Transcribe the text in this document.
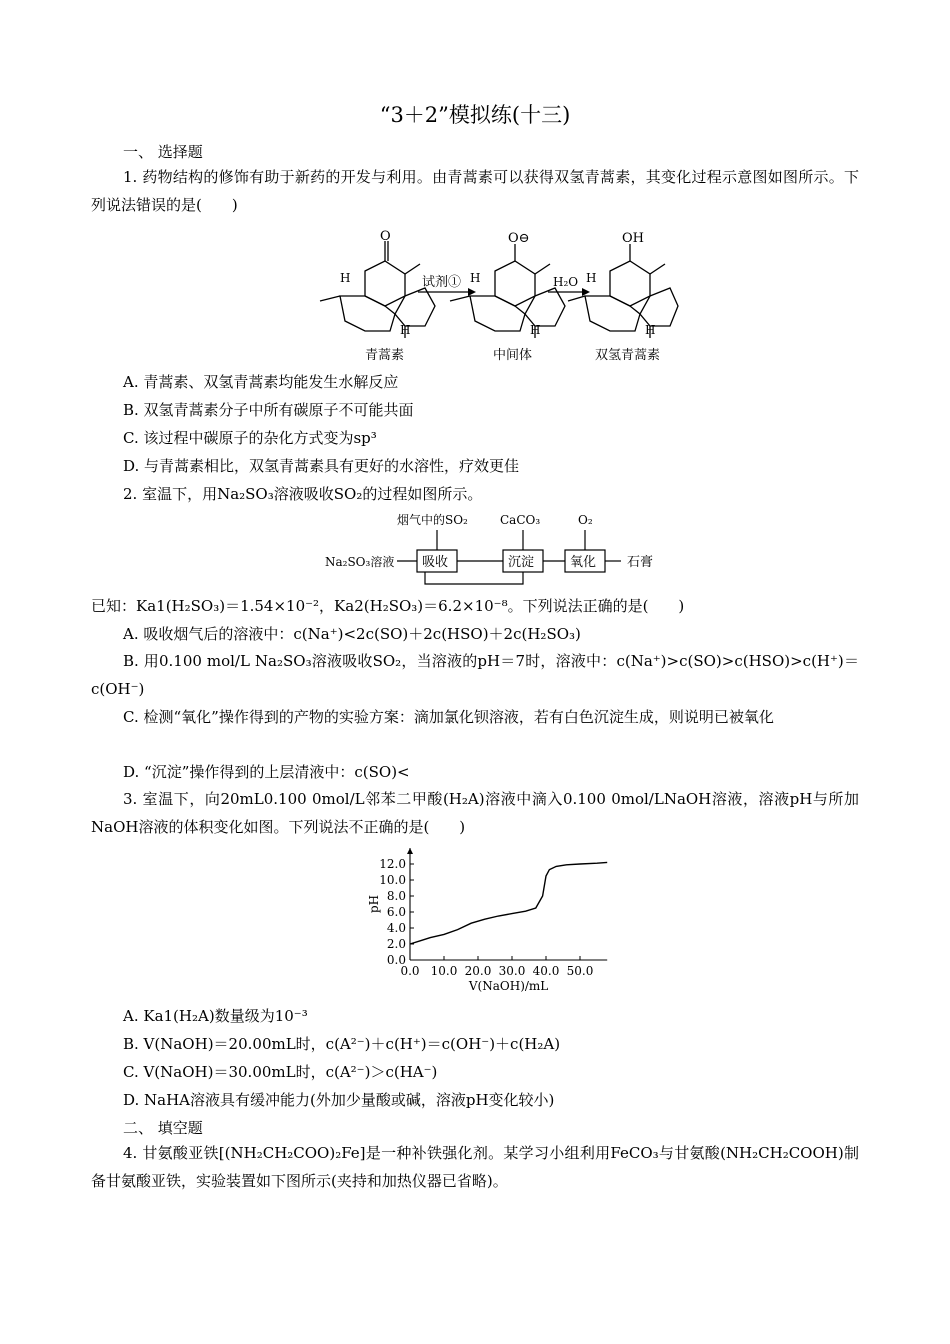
“3＋2”模拟练(十三)
一、 选择题
1. 药物结构的修饰有助于新药的开发与利用。由青蒿素可以获得双氢青蒿素，其变化过程示意图如图所示。下列说法错误的是(　　)
O	O⊖	OH
H
H
H
H
H
H
试剂①	H₂O
青蒿素	中间体	双氢青蒿素
A. 青蒿素、双氢青蒿素均能发生水解反应
B. 双氢青蒿素分子中所有碳原子不可能共面
C. 该过程中碳原子的杂化方式变为sp³
D. 与青蒿素相比，双氢青蒿素具有更好的水溶性，疗效更佳
2. 室温下，用Na₂SO₃溶液吸收SO₂的过程如图所示。
Na₂SO₃溶液 吸收	沉淀	氧化 石膏
烟气中的SO₂	CaCO₃	O₂
已知：Ka1(H₂SO₃)＝1.54×10⁻²，Ka2(H₂SO₃)＝6.2×10⁻⁸。下列说法正确的是(　　)
A. 吸收烟气后的溶液中：c(Na⁺)<2c(SO)＋2c(HSO)＋2c(H₂SO₃)
B. 用0.100 mol/L Na₂SO₃溶液吸收SO₂，当溶液的pH＝7时，溶液中：c(Na⁺)>c(SO)>c(HSO)>c(H⁺)＝c(OH⁻)
C. 检测“氧化”操作得到的产物的实验方案：滴加氯化钡溶液，若有白色沉淀生成，则说明已被氧化
D. “沉淀”操作得到的上层清液中：c(SO)<
3. 室温下，向20mL0.100 0mol/L邻苯二甲酸(H₂A)溶液中滴入0.100 0mol/LNaOH溶液，溶液pH与所加NaOH溶液的体积变化如图。下列说法不正确的是(　　)
0.0
2.0
4.0
6.0
8.0
10.0
12.0
0.0 10.0 20.0 30.0 40.0 50.0
V(NaOH)/mL
pH
A. Ka1(H₂A)数量级为10⁻³
B. V(NaOH)＝20.00mL时，c(A²⁻)＋c(H⁺)＝c(OH⁻)＋c(H₂A)
C. V(NaOH)＝30.00mL时，c(A²⁻)＞c(HA⁻)
D. NaHA溶液具有缓冲能力(外加少量酸或碱，溶液pH变化较小)
二、 填空题
4. 甘氨酸亚铁[(NH₂CH₂COO)₂Fe]是一种补铁强化剂。某学习小组利用FeCO₃与甘氨酸(NH₂CH₂COOH)制备甘氨酸亚铁，实验装置如下图所示(夹持和加热仪器已省略)。
